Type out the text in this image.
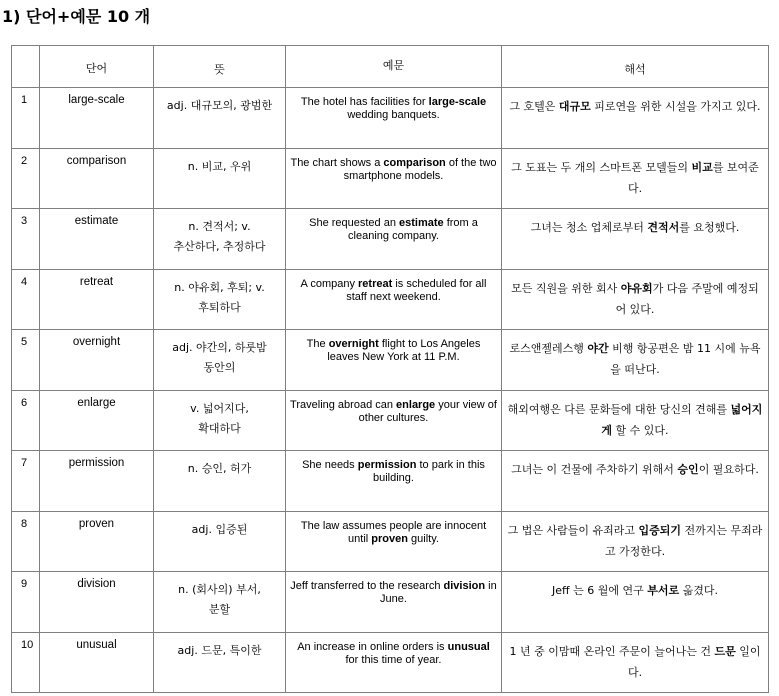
1) 단어+예문 10 개
	단어	뜻	예문	해석
1	large-scale	adj. 대규모의, 광범한	The hotel has facilities for large-scale wedding banquets.	그 호텔은 대규모 피로연을 위한 시설을 가지고 있다.
2	comparison	n. 비교, 우위	The chart shows a comparison of the two smartphone models.	그 도표는 두 개의 스마트폰 모델들의 비교를 보여준다.
3	estimate	n. 견적서; v.
추산하다, 추정하다	She requested an estimate from a cleaning company.	그녀는 청소 업체로부터 견적서를 요청했다.
4	retreat	n. 야유회, 후퇴; v.
후퇴하다	A company retreat is scheduled for all staff next weekend.	모든 직원을 위한 회사 야유회가 다음 주말에 예정되어 있다.
5	overnight	adj. 야간의, 하룻밤
동안의	The overnight flight to Los Angeles leaves New York at 11 P.M.	로스앤젤레스행 야간 비행 항공편은 밤 11 시에 뉴욕을 떠난다.
6	enlarge	v. 넓어지다,
확대하다	Traveling abroad can enlarge your view of other cultures.	해외여행은 다른 문화들에 대한 당신의 견해를 넓어지게 할 수 있다.
7	permission	n. 승인, 허가	She needs permission to park in this building.	그녀는 이 건물에 주차하기 위해서 승인이 필요하다.
8	proven	adj. 입증된	The law assumes people are innocent until proven guilty.	그 법은 사람들이 유죄라고 입증되기 전까지는 무죄라고 가정한다.
9	division	n. (회사의) 부서,
분할	Jeff transferred to the research division in June.	Jeff 는 6 월에 연구 부서로 옮겼다.
10	unusual	adj. 드문, 특이한	An increase in online orders is unusual for this time of year.	1 년 중 이맘때 온라인 주문이 늘어나는 건 드문 일이다.
